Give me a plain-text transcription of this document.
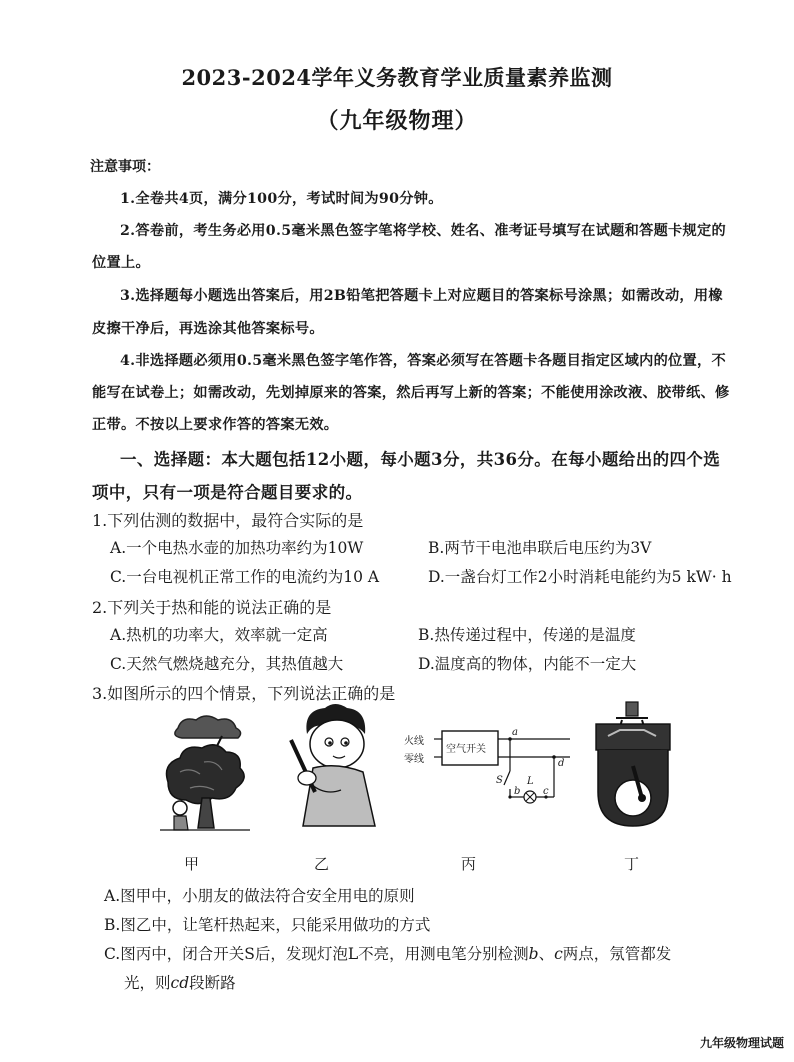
2023-2024学年义务教育学业质量素养监测
（九年级物理）
注意事项：
1.全卷共4页，满分100分，考试时间为90分钟。
2.答卷前，考生务必用0.5毫米黑色签字笔将学校、姓名、准考证号填写在试题和答题卡规定的
位置上。
3.选择题每小题选出答案后，用2B铅笔把答题卡上对应题目的答案标号涂黑；如需改动，用橡
皮擦干净后，再选涂其他答案标号。
4.非选择题必须用0.5毫米黑色签字笔作答，答案必须写在答题卡各题目指定区域内的位置，不
能写在试卷上；如需改动，先划掉原来的答案，然后再写上新的答案；不能使用涂改液、胶带纸、修
正带。不按以上要求作答的答案无效。
一、选择题：本大题包括12小题，每小题3分，共36分。在每小题给出的四个选
项中，只有一项是符合题目要求的。
1.下列估测的数据中，最符合实际的是
A.一个电热水壶的加热功率约为10W	B.两节干电池串联后电压约为3V
C.一台电视机正常工作的电流约为10 A	D.一盏台灯工作2小时消耗电能约为5 kW· h
2.下列关于热和能的说法正确的是
A.热机的功率大，效率就一定高	B.热传递过程中，传递的是温度
C.天然气燃烧越充分，其热值越大	D.温度高的物体，内能不一定大
3.如图所示的四个情景，下列说法正确的是
火线
零线
空气开关
a
d
S
b
L
c
甲	乙	丙	丁
A.图甲中，小朋友的做法符合安全用电的原则
B.图乙中，让笔杆热起来，只能采用做功的方式
C.图丙中，闭合开关S后，发现灯泡L不亮，用测电笔分别检测b、c两点，氖管都发
光，则cd段断路
九年级物理试题
